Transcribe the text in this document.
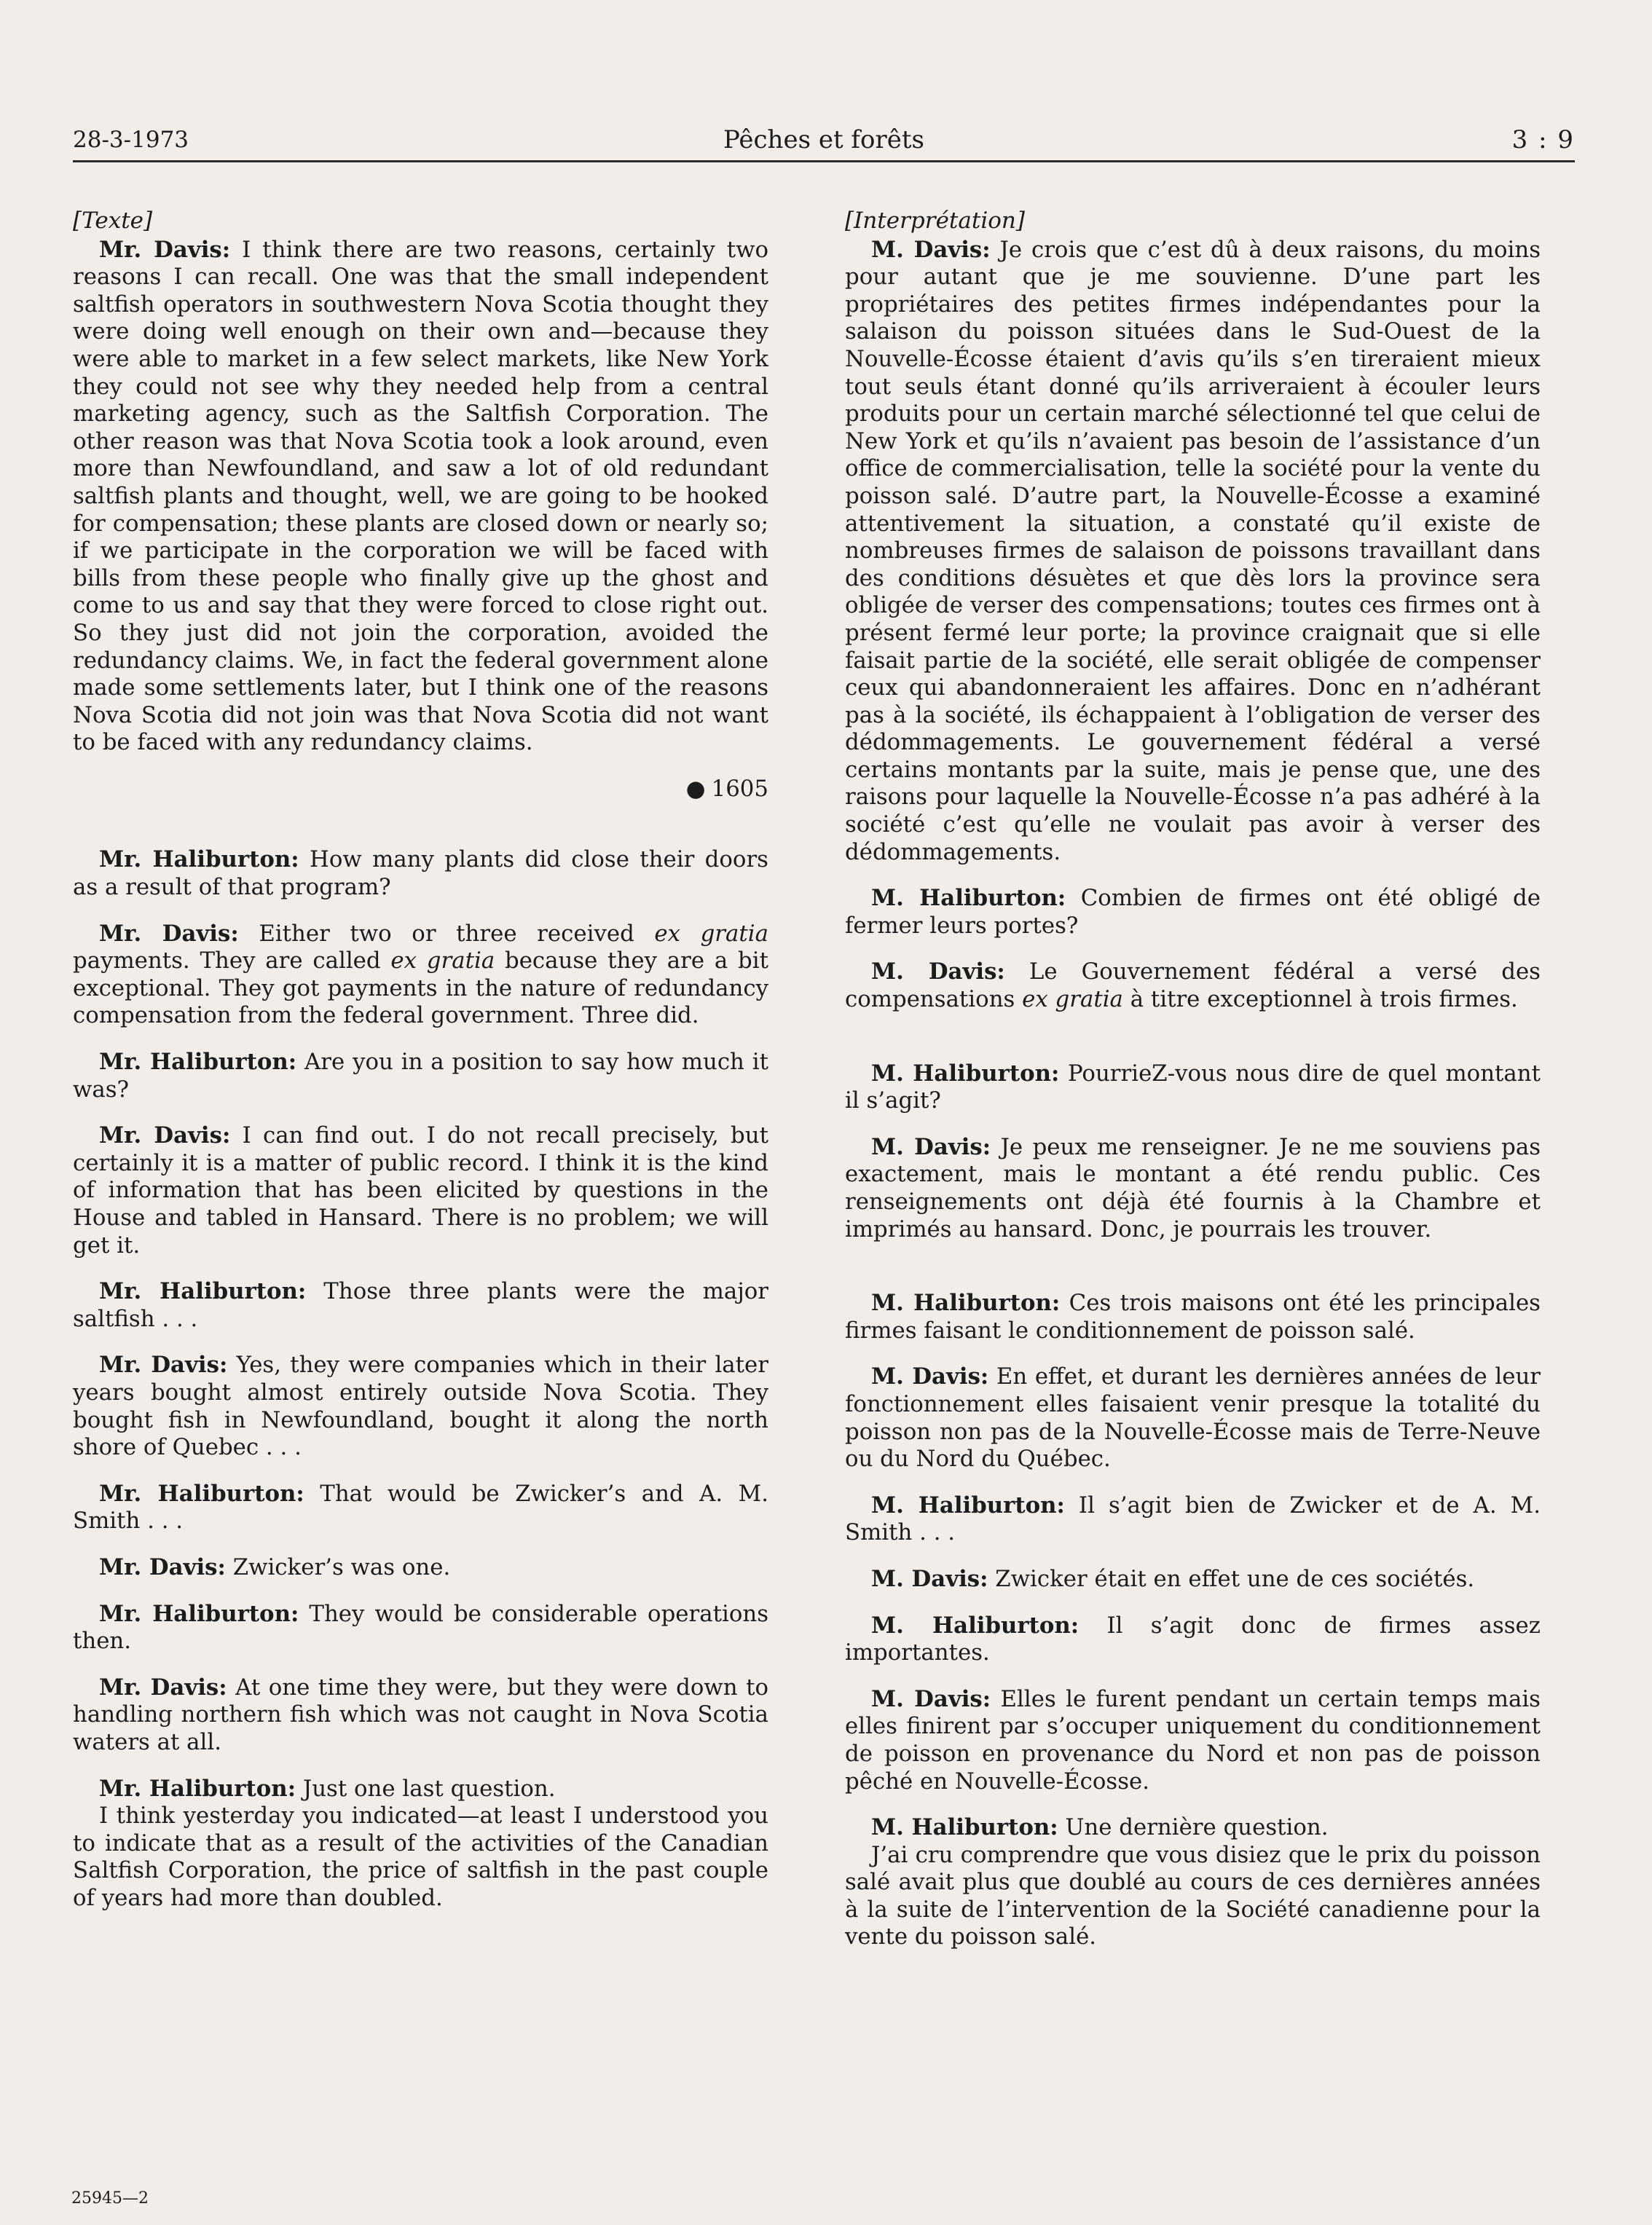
28-3-1973	Pêches et forêts	3 : 9
[Texte]

Mr. Davis: I think there are two reasons, certainly two reasons I can recall. One was that the small independent saltfish operators in southwestern Nova Scotia thought they were doing well enough on their own and—because they were able to market in a few select markets, like New York they could not see why they needed help from a central marketing agency, such as the Saltfish Corporation. The other reason was that Nova Scotia took a look around, even more than Newfoundland, and saw a lot of old redundant saltfish plants and thought, well, we are going to be hooked for compensation; these plants are closed down or nearly so; if we participate in the corporation we will be faced with bills from these people who finally give up the ghost and come to us and say that they were forced to close right out. So they just did not join the corporation, avoided the redundancy claims. We, in fact the federal government alone made some settlements later, but I think one of the reasons Nova Scotia did not join was that Nova Scotia did not want to be faced with any redundancy claims.

● 1605

Mr. Haliburton: How many plants did close their doors as a result of that program?

Mr. Davis: Either two or three received ex gratia payments. They are called ex gratia because they are a bit exceptional. They got payments in the nature of redundancy compensation from the federal government. Three did.

Mr. Haliburton: Are you in a position to say how much it was?

Mr. Davis: I can find out. I do not recall precisely, but certainly it is a matter of public record. I think it is the kind of information that has been elicited by questions in the House and tabled in Hansard. There is no problem; we will get it.

Mr. Haliburton: Those three plants were the major saltfish . . .

Mr. Davis: Yes, they were companies which in their later years bought almost entirely outside Nova Scotia. They bought fish in Newfoundland, bought it along the north shore of Quebec . . .

Mr. Haliburton: That would be Zwicker’s and A. M. Smith . . .

Mr. Davis: Zwicker’s was one.

Mr. Haliburton: They would be considerable operations then.

Mr. Davis: At one time they were, but they were down to handling northern fish which was not caught in Nova Scotia waters at all.

Mr. Haliburton: Just one last question.

I think yesterday you indicated—at least I understood you to indicate that as a result of the activities of the Canadian Saltfish Corporation, the price of saltfish in the past couple of years had more than doubled.

[Interprétation]

M. Davis: Je crois que c’est dû à deux raisons, du moins pour autant que je me souvienne. D’une part les propriétaires des petites firmes indépendantes pour la salaison du poisson situées dans le Sud-Ouest de la Nouvelle-Écosse étaient d’avis qu’ils s’en tireraient mieux tout seuls étant donné qu’ils arriveraient à écouler leurs produits pour un certain marché sélectionné tel que celui de New York et qu’ils n’avaient pas besoin de l’assistance d’un office de commercialisation, telle la société pour la vente du poisson salé. D’autre part, la Nouvelle-Écosse a examiné attentivement la situation, a constaté qu’il existe de nombreuses firmes de salaison de poissons travaillant dans des conditions désuètes et que dès lors la province sera obligée de verser des compensations; toutes ces firmes ont à présent fermé leur porte; la province craignait que si elle faisait partie de la société, elle serait obligée de compenser ceux qui abandonneraient les affaires. Donc en n’adhérant pas à la société, ils échappaient à l’obligation de verser des dédommagements. Le gouvernement fédéral a versé certains montants par la suite, mais je pense que, une des raisons pour laquelle la Nouvelle-Écosse n’a pas adhéré à la société c’est qu’elle ne voulait pas avoir à verser des dédommagements.

M. Haliburton: Combien de firmes ont été obligé de fermer leurs portes?

M. Davis: Le Gouvernement fédéral a versé des compensations ex gratia à titre exceptionnel à trois firmes.

M. Haliburton: PourrieZ-vous nous dire de quel montant il s’agit?

M. Davis: Je peux me renseigner. Je ne me souviens pas exactement, mais le montant a été rendu public. Ces renseignements ont déjà été fournis à la Chambre et imprimés au hansard. Donc, je pourrais les trouver.

M. Haliburton: Ces trois maisons ont été les principales firmes faisant le conditionnement de poisson salé.

M. Davis: En effet, et durant les dernières années de leur fonctionnement elles faisaient venir presque la totalité du poisson non pas de la Nouvelle-Écosse mais de Terre-Neuve ou du Nord du Québec.

M. Haliburton: Il s’agit bien de Zwicker et de A. M. Smith . . .

M. Davis: Zwicker était en effet une de ces sociétés.

M. Haliburton: Il s’agit donc de firmes assez importantes.

M. Davis: Elles le furent pendant un certain temps mais elles finirent par s’occuper uniquement du conditionnement de poisson en provenance du Nord et non pas de poisson pêché en Nouvelle-Écosse.

M. Haliburton: Une dernière question.

J’ai cru comprendre que vous disiez que le prix du poisson salé avait plus que doublé au cours de ces dernières années à la suite de l’intervention de la Société canadienne pour la vente du poisson salé.

25945—2
